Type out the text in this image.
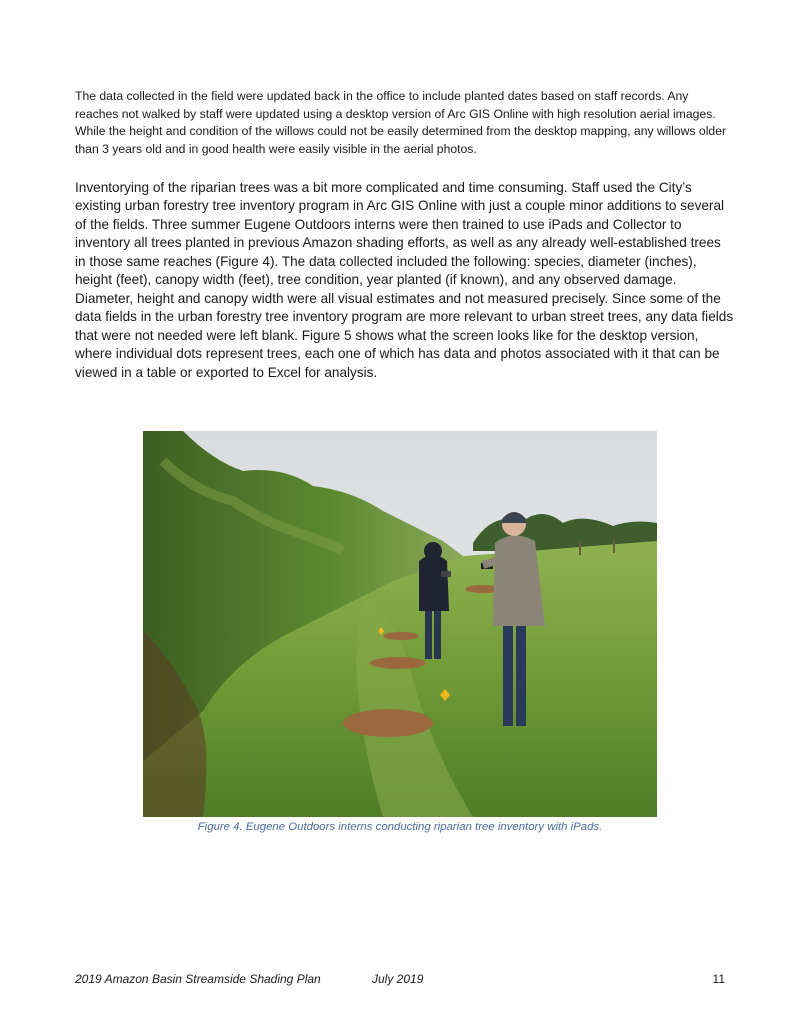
The data collected in the field were updated back in the office to include planted dates based on staff records. Any reaches not walked by staff were updated using a desktop version of Arc GIS Online with high resolution aerial images. While the height and condition of the willows could not be easily determined from the desktop mapping, any willows older than 3 years old and in good health were easily visible in the aerial photos.

Inventorying of the riparian trees was a bit more complicated and time consuming. Staff used the City’s existing urban forestry tree inventory program in Arc GIS Online with just a couple minor additions to several of the fields. Three summer Eugene Outdoors interns were then trained to use iPads and Collector to inventory all trees planted in previous Amazon shading efforts, as well as any already well-established trees in those same reaches (Figure 4). The data collected included the following: species, diameter (inches), height (feet), canopy width (feet), tree condition, year planted (if known), and any observed damage. Diameter, height and canopy width were all visual estimates and not measured precisely. Since some of the data fields in the urban forestry tree inventory program are more relevant to urban street trees, any data fields that were not needed were left blank. Figure 5 shows what the screen looks like for the desktop version, where individual dots represent trees, each one of which has data and photos associated with it that can be viewed in a table or exported to Excel for analysis.

Figure 4. Eugene Outdoors interns conducting riparian tree inventory with iPads.
2019 Amazon Basin Streamside Shading Plan	July 2019	11
